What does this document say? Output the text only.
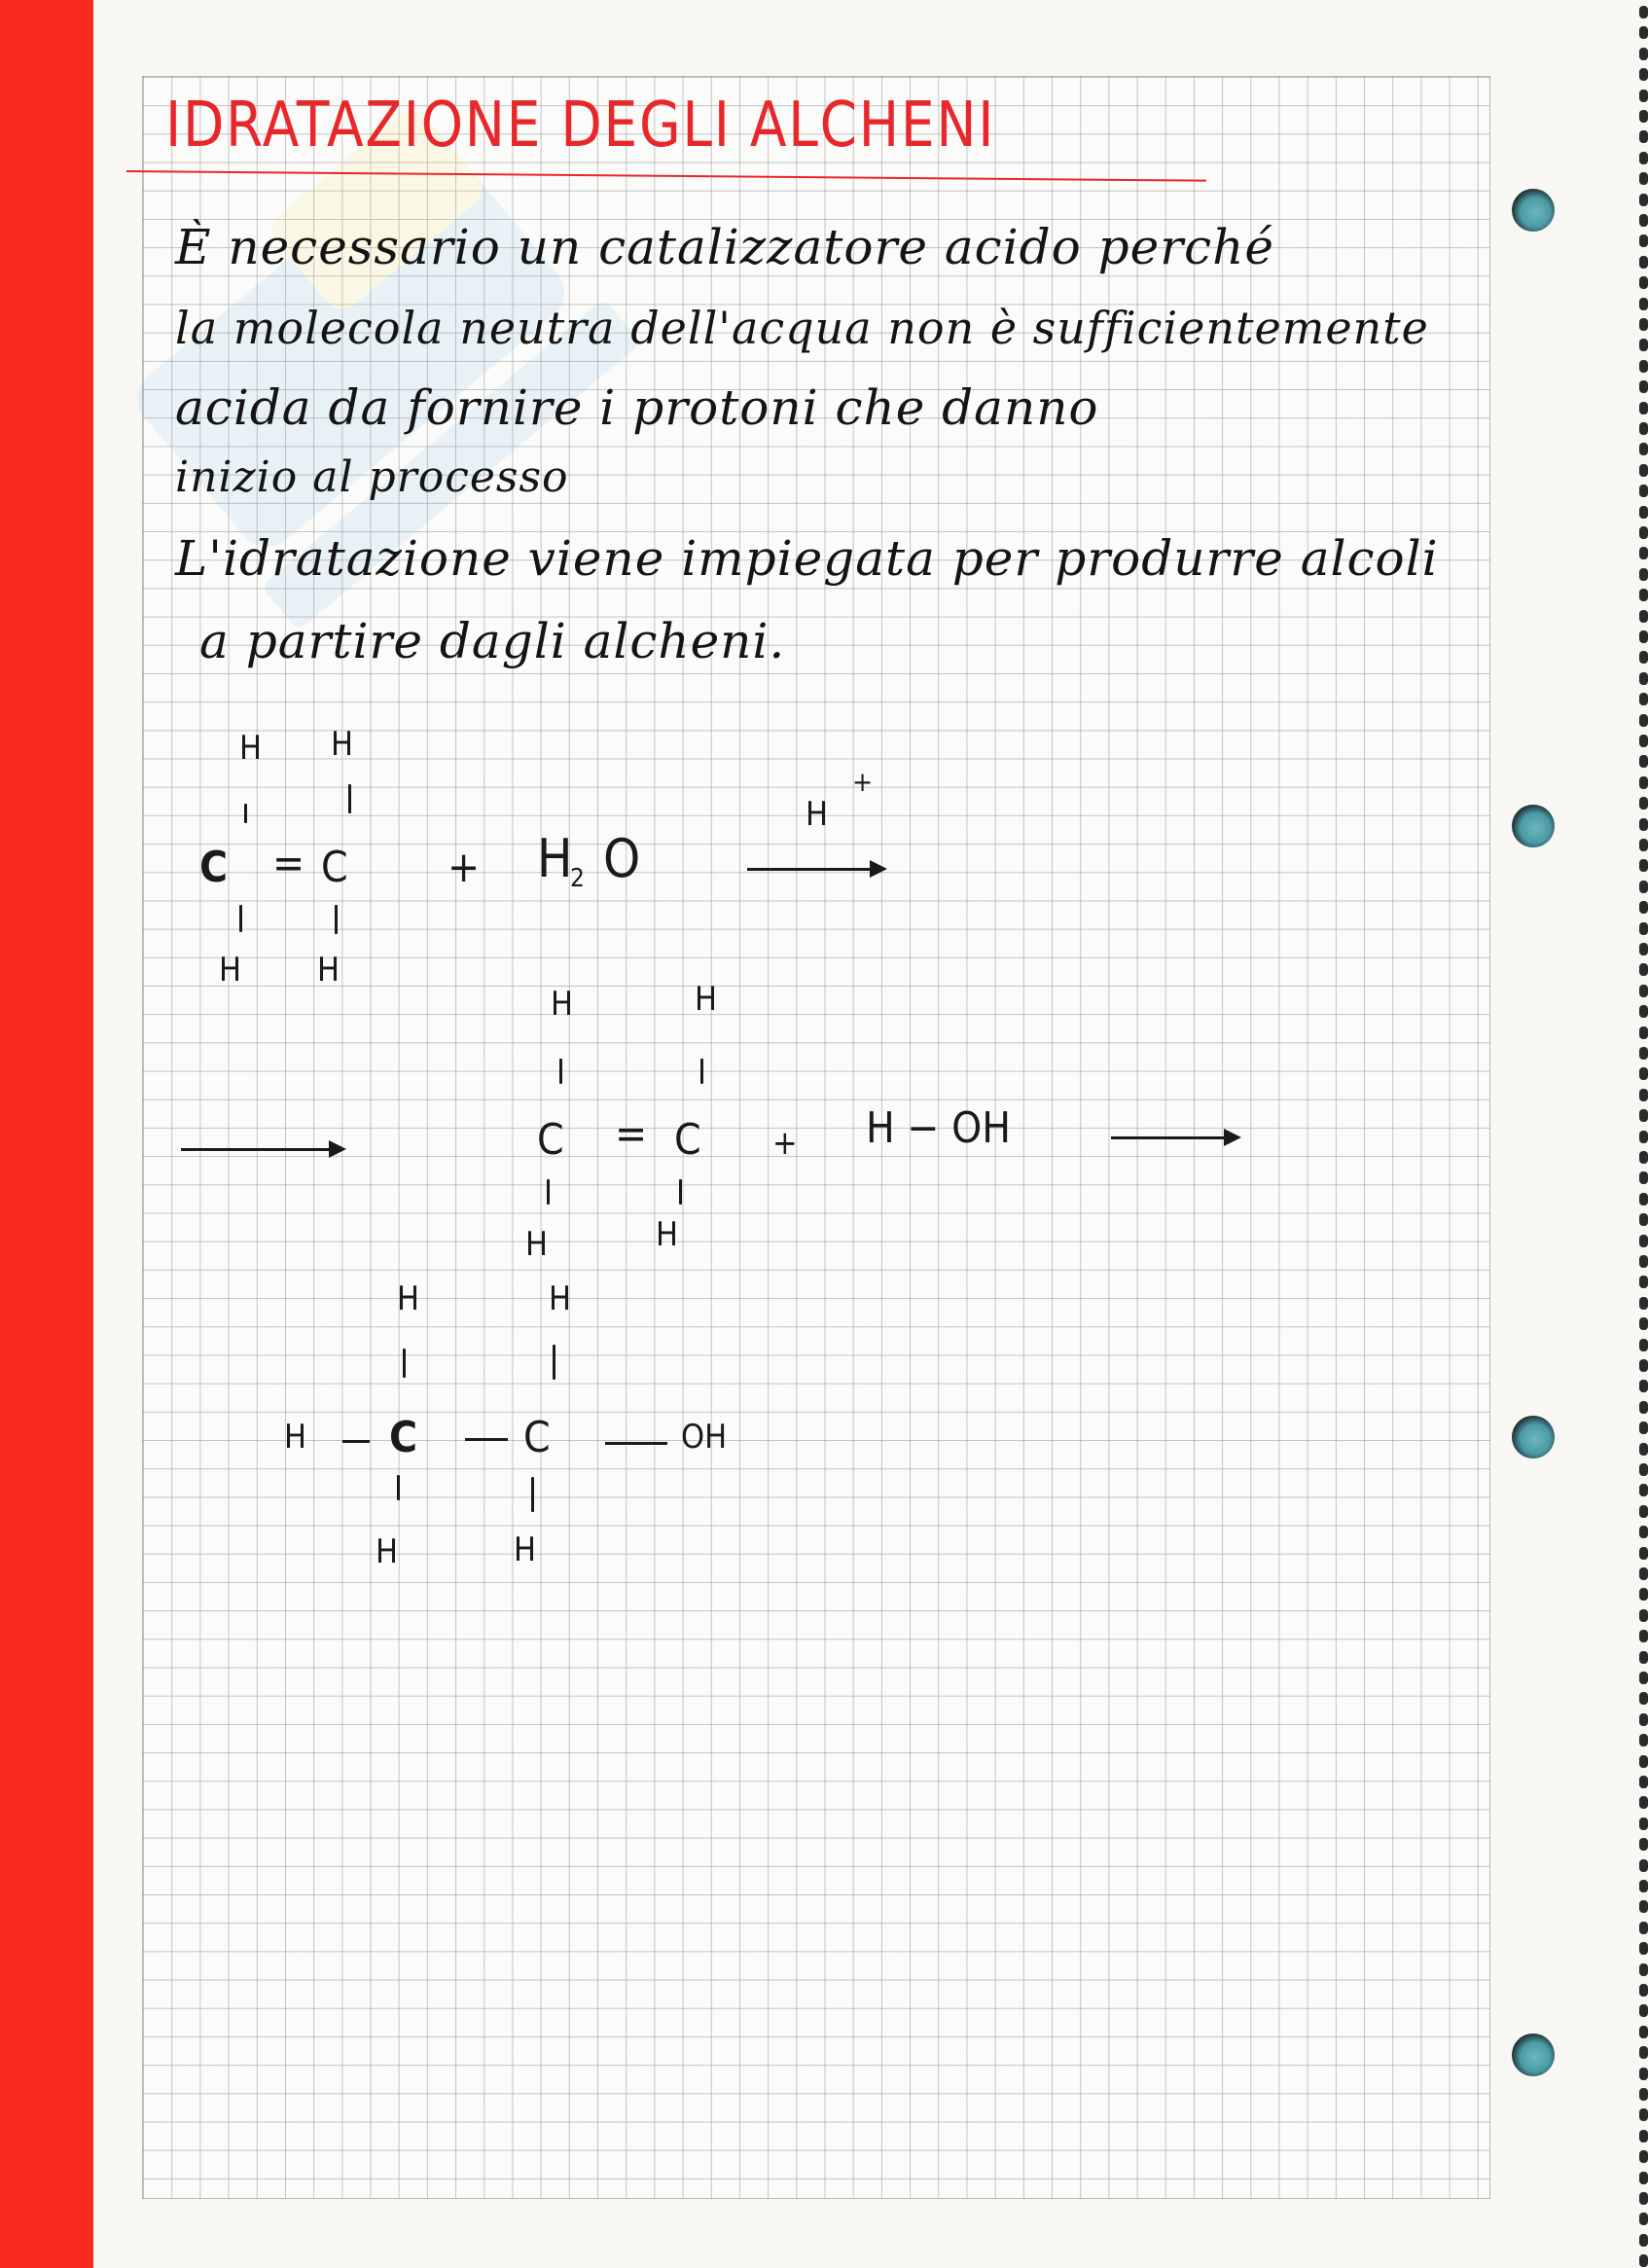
IDRATAZIONE DEGLI ALCHENI

È necessario un catalizzatore acido perché

la molecola neutra dell'acqua non è sufficientemente

acida da fornire i protoni che danno

inizio al processo

L'idratazione viene impiegata per produrre alcoli

a partire dagli alcheni.

H H
C = C
H H
+ H
2 O
H
+
H	H
C = C
H	H
+ H − OH
H	H
H C C	OH
H	H
